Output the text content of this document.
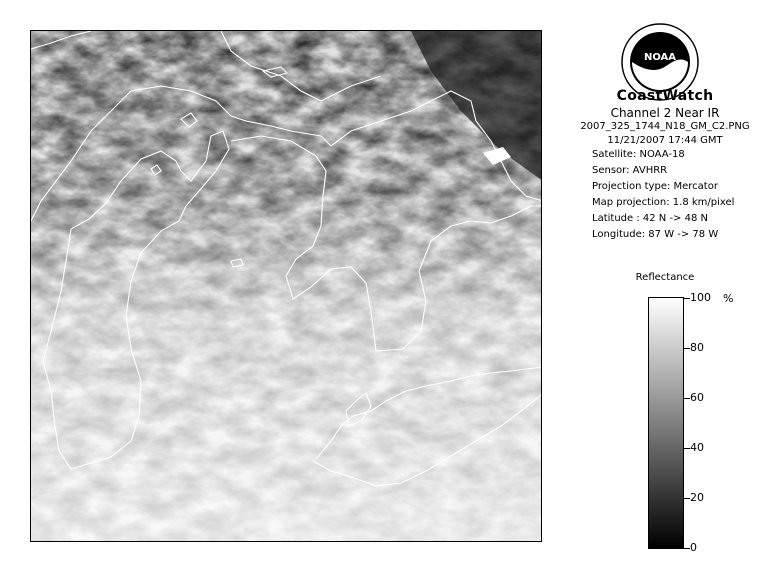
NOAA
CoastWatch
Channel 2 Near IR
2007_325_1744_N18_GM_C2.PNG
11/21/2007 17:44 GMT
Satellite: NOAA-18
Sensor: AVHRR
Projection type: Mercator
Map projection: 1.8 km/pixel
Latitude : 42 N -> 48 N
Longitude: 87 W -> 78 W
Reflectance
%
100
80
60
40
20
0
